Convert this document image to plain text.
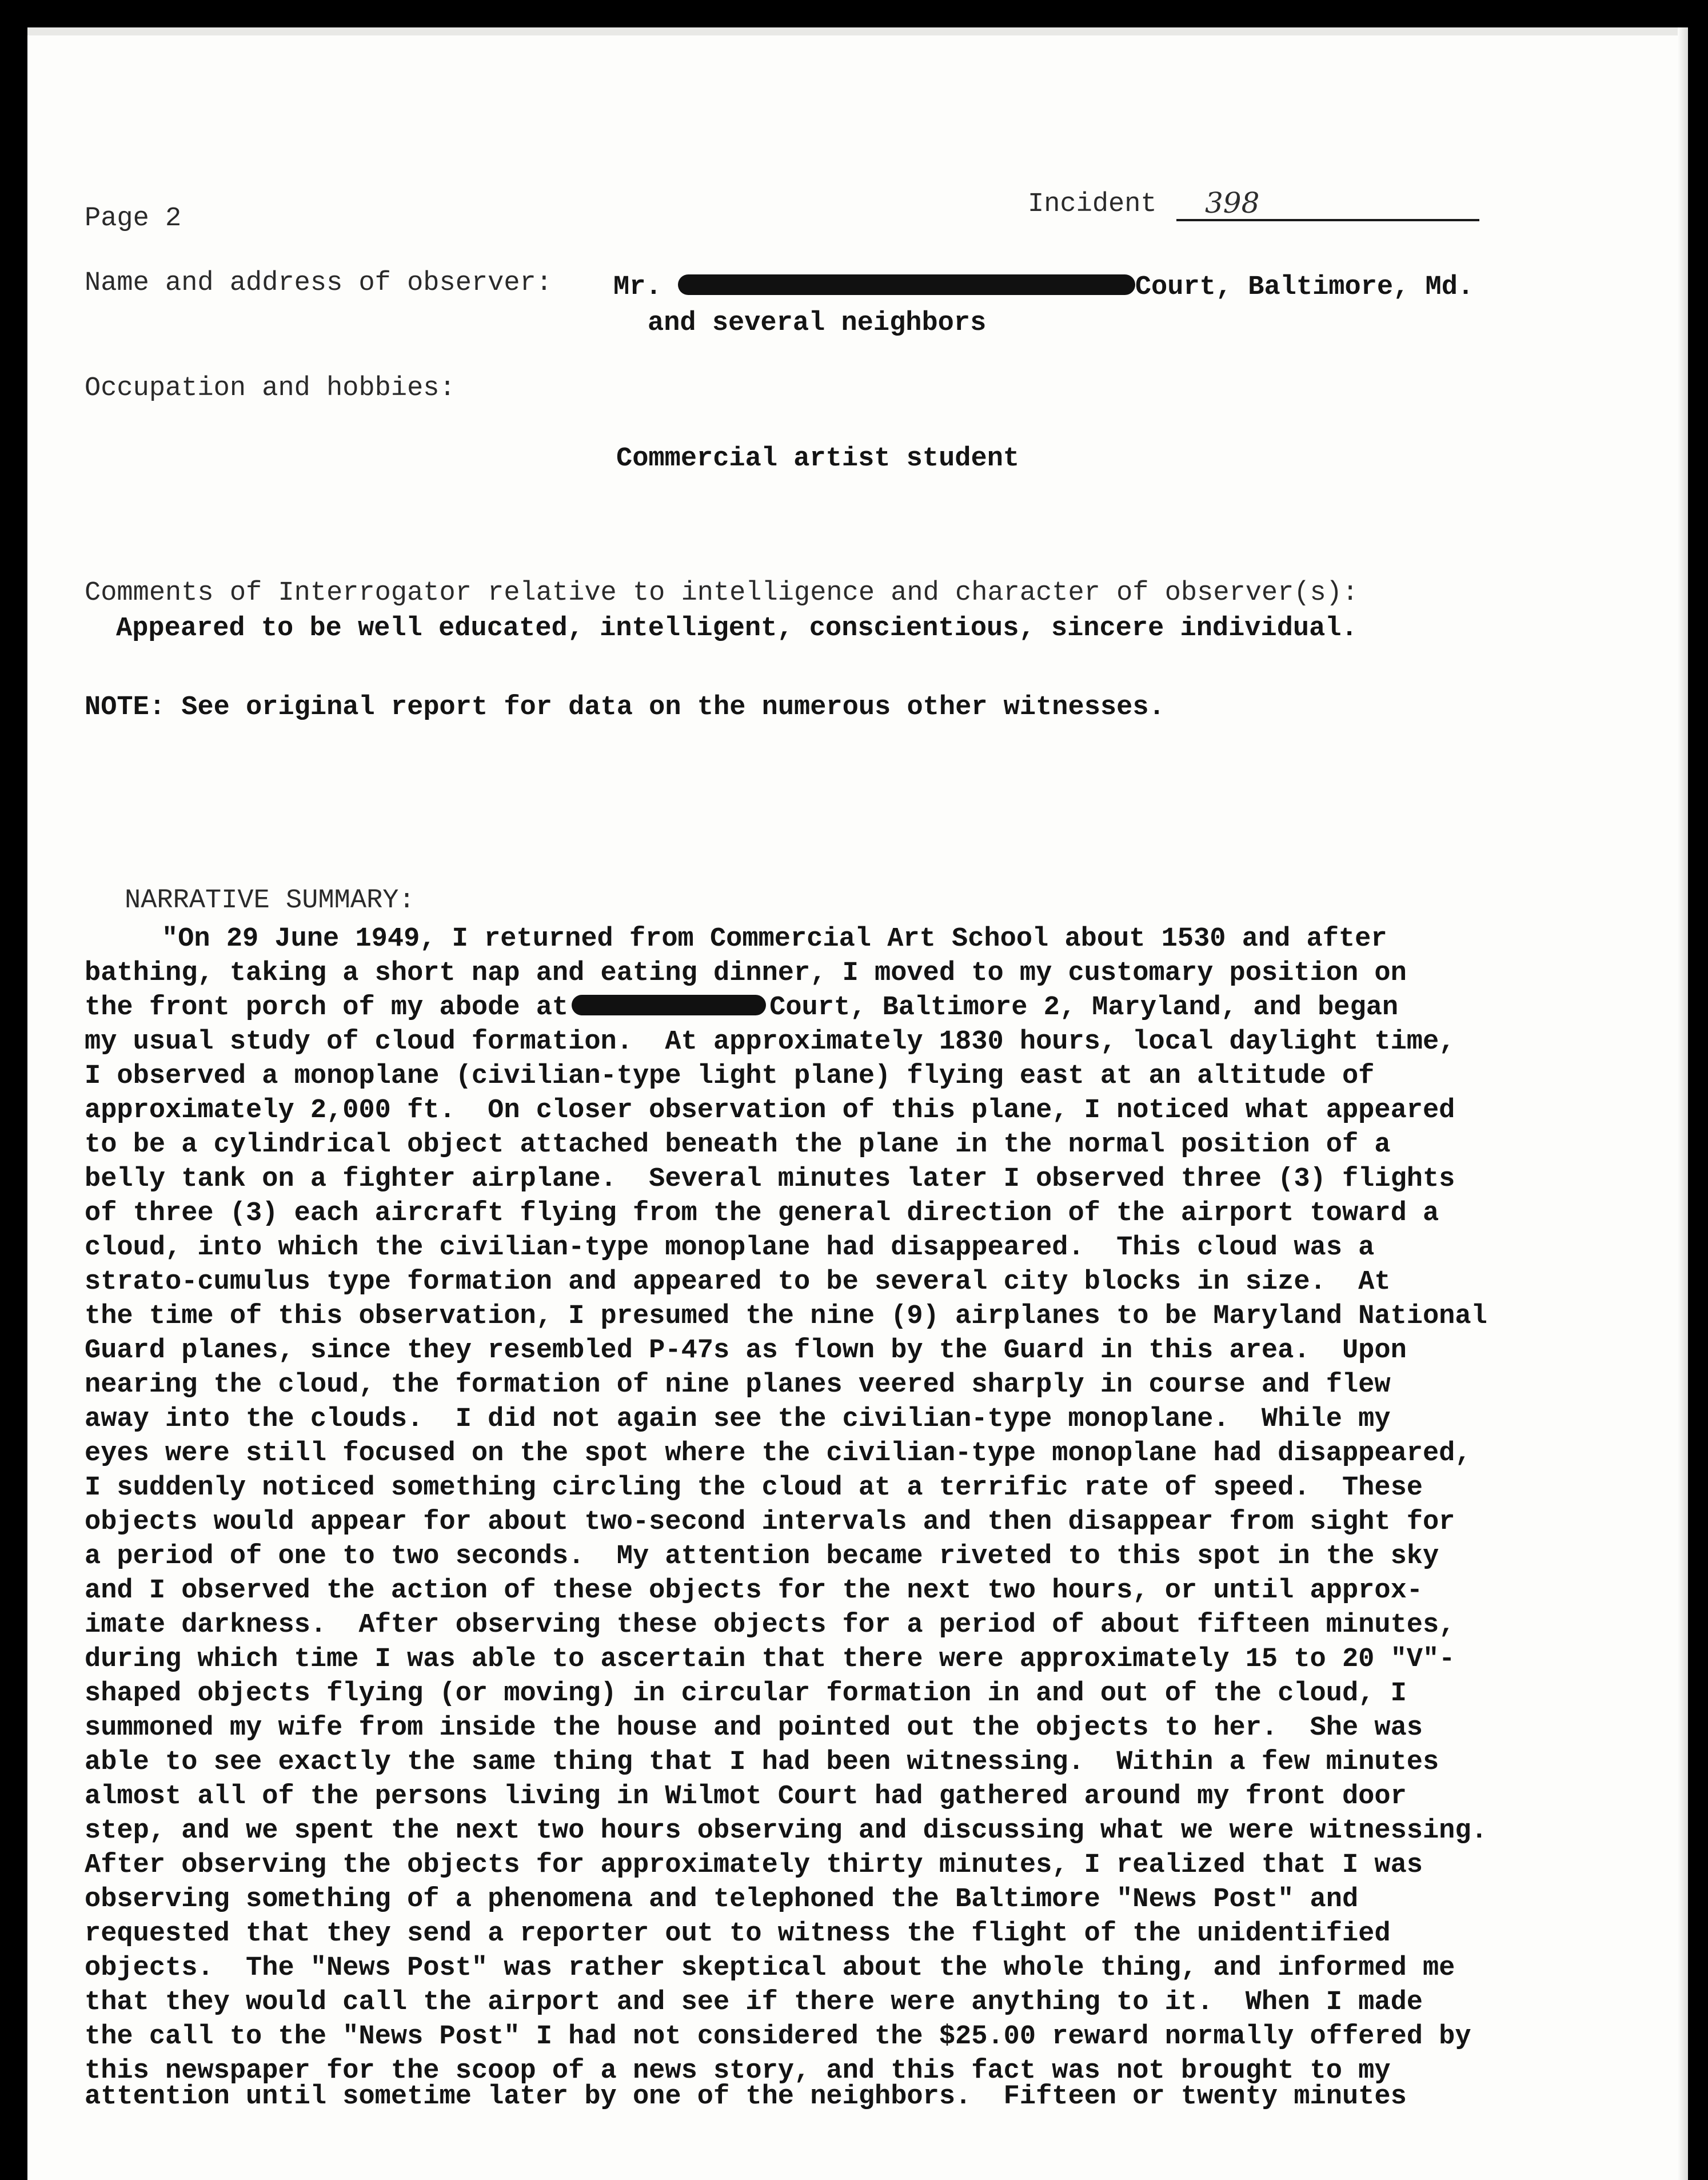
Page 2	Incident 398
Name and address of observer: Mr.	Court, Baltimore, Md.
and several neighbors
Occupation and hobbies:
Commercial artist student
Comments of Interrogator relative to intelligence and character of observer(s):
Appeared to be well educated, intelligent, conscientious, sincere individual.
NOTE: See original report for data on the numerous other witnesses.
NARRATIVE SUMMARY:
"On 29 June 1949, I returned from Commercial Art School about 1530 and after
bathing, taking a short nap and eating dinner, I moved to my customary position on
the front porch of my abode at	Court, Baltimore 2, Maryland, and began
my usual study of cloud formation.  At approximately 1830 hours, local daylight time,
I observed a monoplane (civilian-type light plane) flying east at an altitude of
approximately 2,000 ft.  On closer observation of this plane, I noticed what appeared
to be a cylindrical object attached beneath the plane in the normal position of a
belly tank on a fighter airplane.  Several minutes later I observed three (3) flights
of three (3) each aircraft flying from the general direction of the airport toward a
cloud, into which the civilian-type monoplane had disappeared.  This cloud was a
strato-cumulus type formation and appeared to be several city blocks in size.  At
the time of this observation, I presumed the nine (9) airplanes to be Maryland National
Guard planes, since they resembled P-47s as flown by the Guard in this area.  Upon
nearing the cloud, the formation of nine planes veered sharply in course and flew
away into the clouds.  I did not again see the civilian-type monoplane.  While my
eyes were still focused on the spot where the civilian-type monoplane had disappeared,
I suddenly noticed something circling the cloud at a terrific rate of speed.  These
objects would appear for about two-second intervals and then disappear from sight for
a period of one to two seconds.  My attention became riveted to this spot in the sky
and I observed the action of these objects for the next two hours, or until approx-
imate darkness.  After observing these objects for a period of about fifteen minutes,
during which time I was able to ascertain that there were approximately 15 to 20 "V"-
shaped objects flying (or moving) in circular formation in and out of the cloud, I
summoned my wife from inside the house and pointed out the objects to her.  She was
able to see exactly the same thing that I had been witnessing.  Within a few minutes
almost all of the persons living in Wilmot Court had gathered around my front door
step, and we spent the next two hours observing and discussing what we were witnessing.
After observing the objects for approximately thirty minutes, I realized that I was
observing something of a phenomena and telephoned the Baltimore "News Post" and
requested that they send a reporter out to witness the flight of the unidentified
objects.  The "News Post" was rather skeptical about the whole thing, and informed me
that they would call the airport and see if there were anything to it.  When I made
the call to the "News Post" I had not considered the $25.00 reward normally offered by
this newspaper for the scoop of a news story, and this fact was not brought to my
attention until sometime later by one of the neighbors.  Fifteen or twenty minutes
